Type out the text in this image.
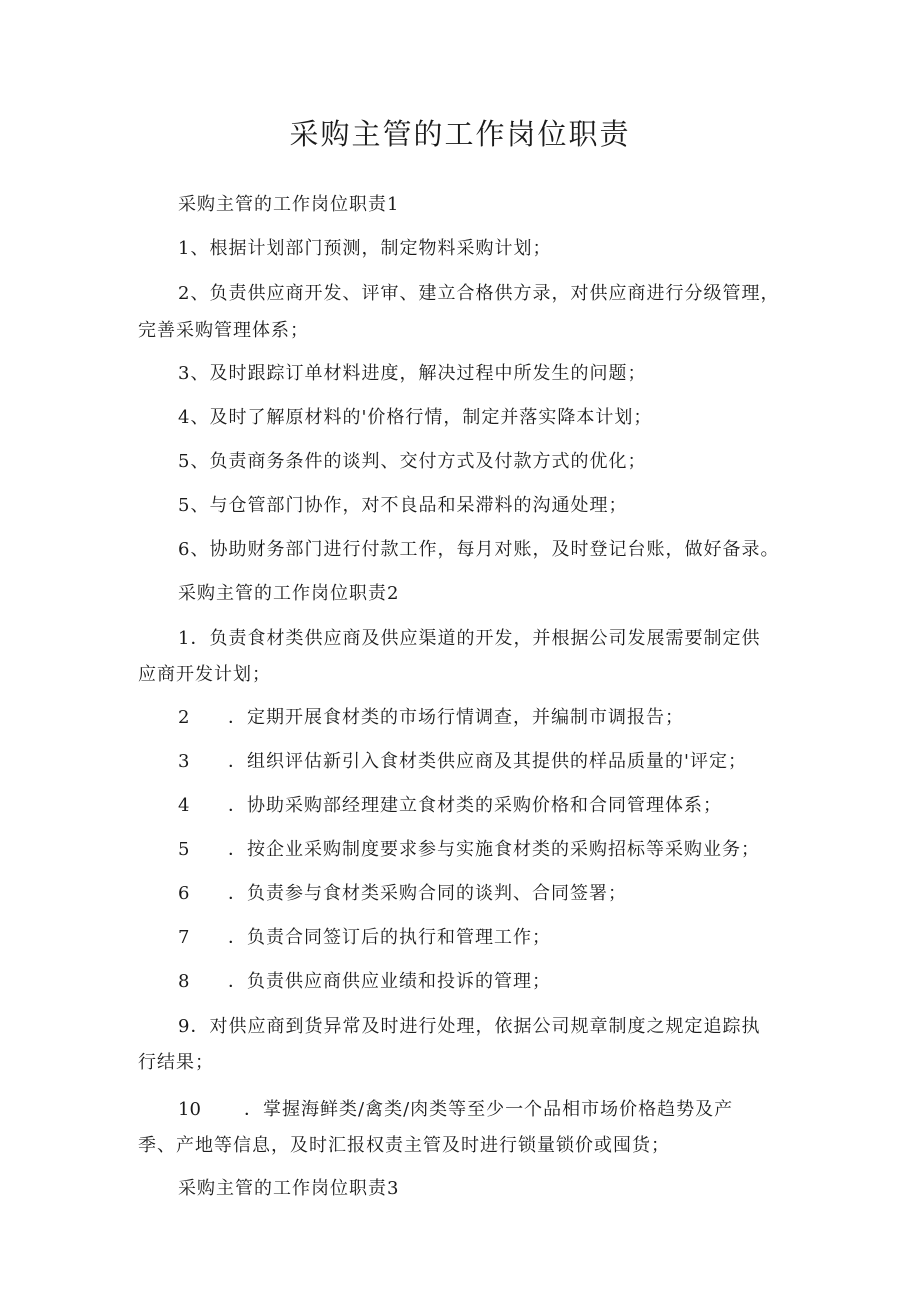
采购主管的工作岗位职责
采购主管的工作岗位职责1
1、根据计划部门预测，制定物料采购计划；
2、负责供应商开发、评审、建立合格供方录，对供应商进行分级管理，
完善采购管理体系；
3、及时跟踪订单材料进度，解决过程中所发生的问题；
4、及时了解原材料的'价格行情，制定并落实降本计划；
5、负责商务条件的谈判、交付方式及付款方式的优化；
5、与仓管部门协作，对不良品和呆滞料的沟通处理；
6、协助财务部门进行付款工作，每月对账，及时登记台账，做好备录。
采购主管的工作岗位职责2
1．负责食材类供应商及供应渠道的开发，并根据公司发展需要制定供
应商开发计划；
2 ．定期开展食材类的市场行情调查，并编制市调报告；
3 ．组织评估新引入食材类供应商及其提供的样品质量的'评定；
4 ．协助采购部经理建立食材类的采购价格和合同管理体系；
5 ．按企业采购制度要求参与实施食材类的采购招标等采购业务；
6 ．负责参与食材类采购合同的谈判、合同签署；
7 ．负责合同签订后的执行和管理工作；
8 ．负责供应商供应业绩和投诉的管理；
9．对供应商到货异常及时进行处理，依据公司规章制度之规定追踪执
行结果；
10 ．掌握海鲜类/禽类/肉类等至少一个品相市场价格趋势及产
季、产地等信息，及时汇报权责主管及时进行锁量锁价或囤货；
采购主管的工作岗位职责3
